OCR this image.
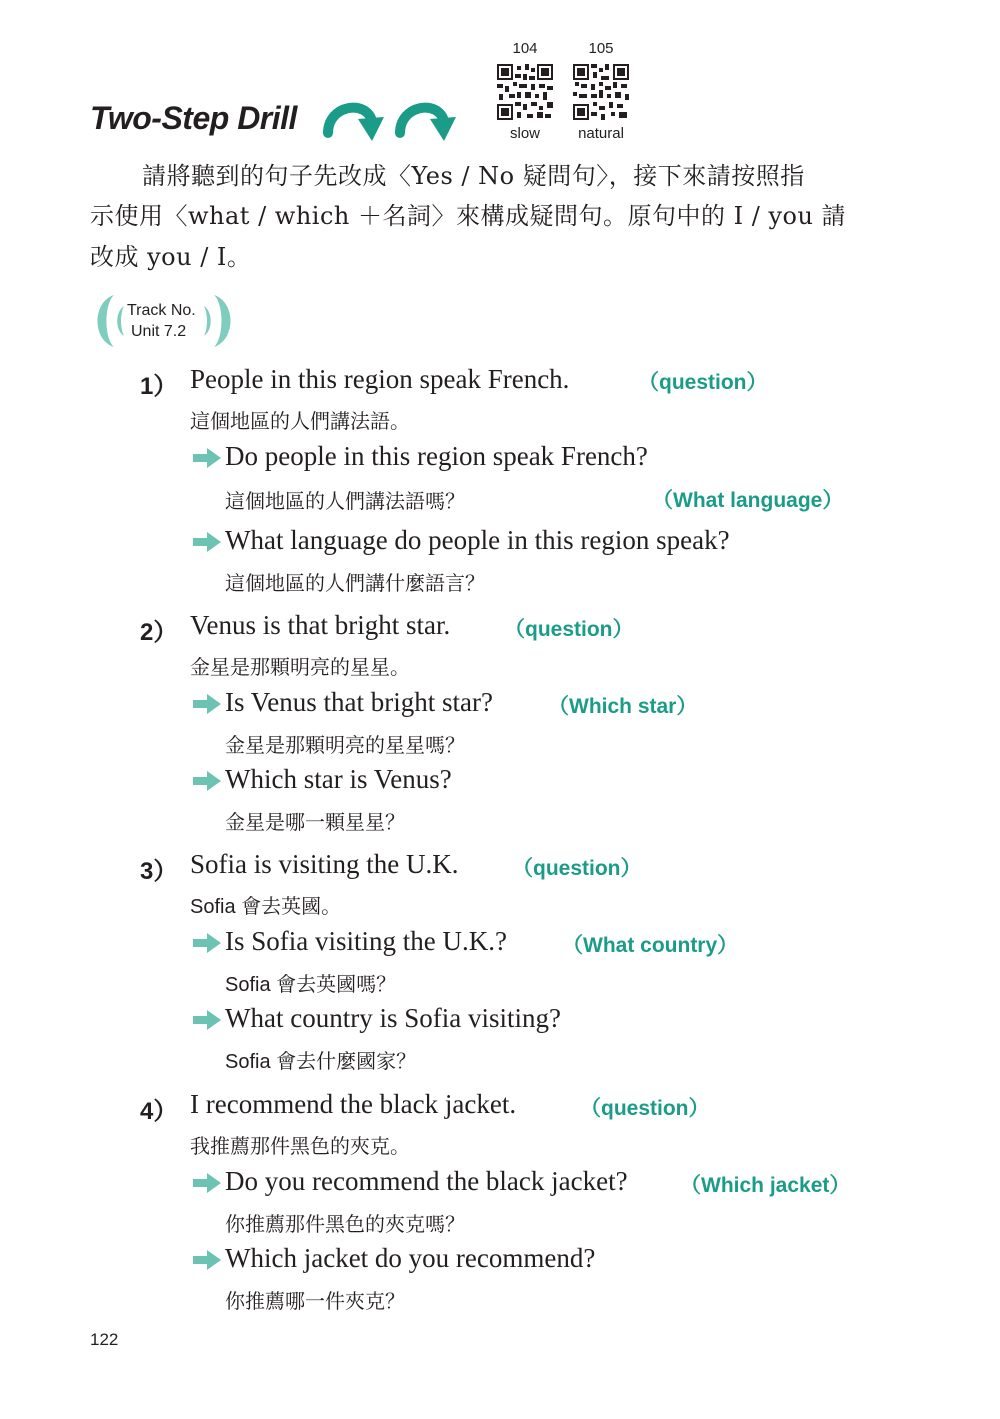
Two-Step Drill
104	105
slow	natural
請將聽到的句子先改成〈Yes / No 疑問句〉，接下來請按照指
示使用〈what / which ＋名詞〉來構成疑問句。原句中的 I / you 請
改成 you / I。
Track No.
Unit 7.2
1） People in this region speak French.	（question）
這個地區的人們講法語。
Do people in this region speak French?
這個地區的人們講法語嗎？	（What language）
What language do people in this region speak?
這個地區的人們講什麼語言？
2） Venus is that bright star.	（question）
金星是那顆明亮的星星。
Is Venus that bright star?	（Which star）
金星是那顆明亮的星星嗎？
Which star is Venus?
金星是哪一顆星星？
3） Sofia is visiting the U.K.	（question）
Sofia 會去英國。
Is Sofia visiting the U.K.?	（What country）
Sofia 會去英國嗎？
What country is Sofia visiting?
Sofia 會去什麼國家？
4） I recommend the black jacket.	（question）
我推薦那件黑色的夾克。
Do you recommend the black jacket? （Which jacket）
你推薦那件黑色的夾克嗎？
Which jacket do you recommend?
你推薦哪一件夾克？
122
